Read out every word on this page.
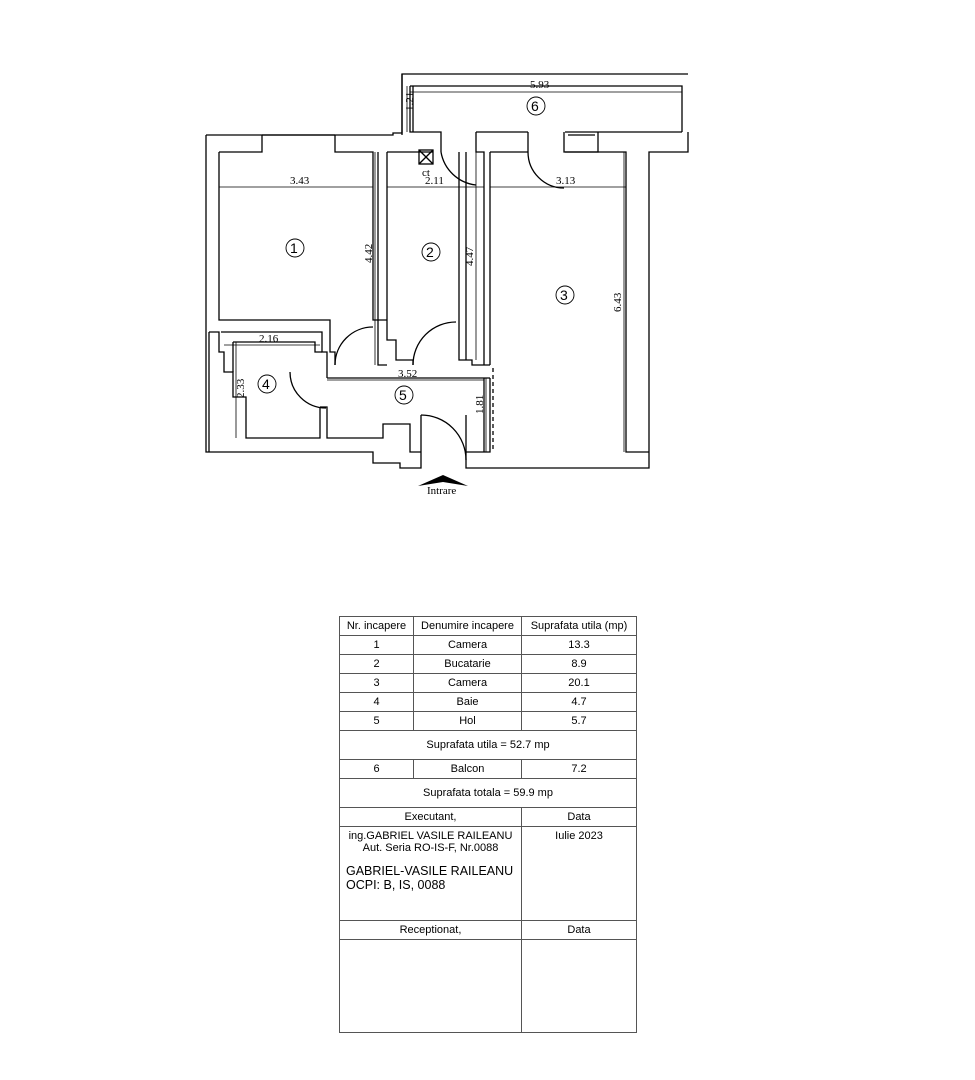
5.93
1.21
3.43	2.11	3.13
4.42	4.47
6.43
2.16
2.33
3.52
1.81
ct
Intrare
1	2
3
4
5
6
Nr. incapere	Denumire incapere	Suprafata utila (mp)
1	Camera	13.3
2	Bucatarie	8.9
3	Camera	20.1
4	Baie	4.7
5	Hol	5.7
Suprafata utila = 52.7 mp		
6	Balcon	7.2
Suprafata totala = 59.9 mp		
Executant,		Data

ing.GABRIEL VASILE RAILEANU
Aut. Seria RO-IS-F, Nr.0088
GABRIEL-VASILE RAILEANU
OCPI: B, IS, 0088		Iulie 2023
Receptionat,		Data
